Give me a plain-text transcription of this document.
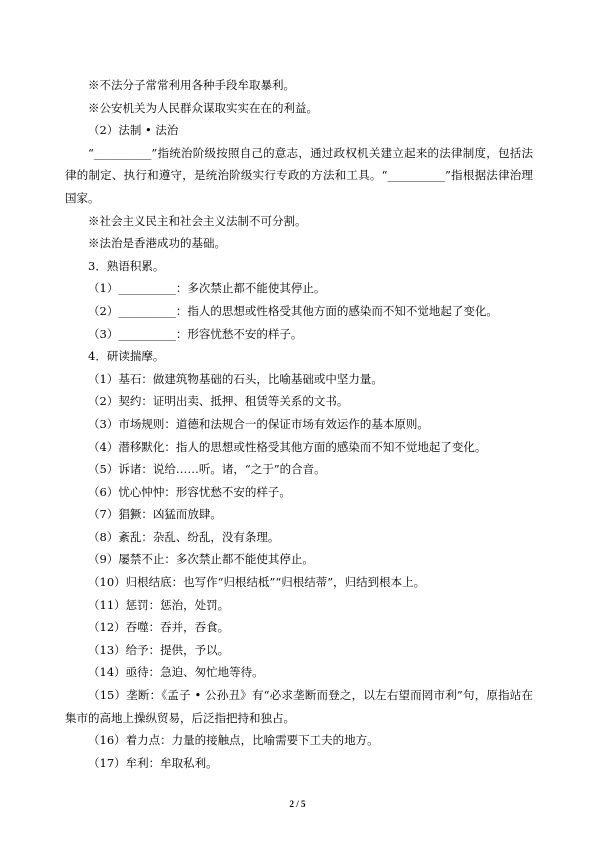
※不法分子常常利用各种手段牟取暴利。
※公安机关为人民群众谋取实实在在的利益。
（2）法制 • 法治
“__________”指统治阶级按照自己的意志，通过政权机关建立起来的法律制度，包括法律的制定、执行和遵守，是统治阶级实行专政的方法和工具。“__________”指根据法律治理国家。
※社会主义民主和社会主义法制不可分割。
※法治是香港成功的基础。
3．熟语积累。
（1）__________：多次禁止都不能使其停止。
（2）__________：指人的思想或性格受其他方面的感染而不知不觉地起了变化。
（3）__________：形容忧愁不安的样子。
4．研读揣摩。
（1）基石：做建筑物基础的石头，比喻基础或中坚力量。
（2）契约：证明出卖、抵押、租赁等关系的文书。
（3）市场规则：道德和法规合一的保证市场有效运作的基本原则。
（4）潜移默化：指人的思想或性格受其他方面的感染而不知不觉地起了变化。
（5）诉诸：说给……听。诸，“之于”的合音。
（6）忧心忡忡：形容忧愁不安的样子。
（7）猖獗：凶猛而放肆。
（8）紊乱：杂乱、纷乱，没有条理。
（9）屡禁不止：多次禁止都不能使其停止。
（10）归根结底：也写作“归根结柢”“归根结蒂”，归结到根本上。
（11）惩罚：惩治，处罚。
（12）吞噬：吞并，吞食。
（13）给予：提供，予以。
（14）亟待：急迫、匆忙地等待。
（15）垄断：《孟子 • 公孙丑》有“必求垄断而登之，以左右望而罔市利”句，原指站在集市的高地上操纵贸易，后泛指把持和独占。
（16）着力点：力量的接触点，比喻需要下工夫的地方。
（17）牟利：牟取私利。
2 / 5
